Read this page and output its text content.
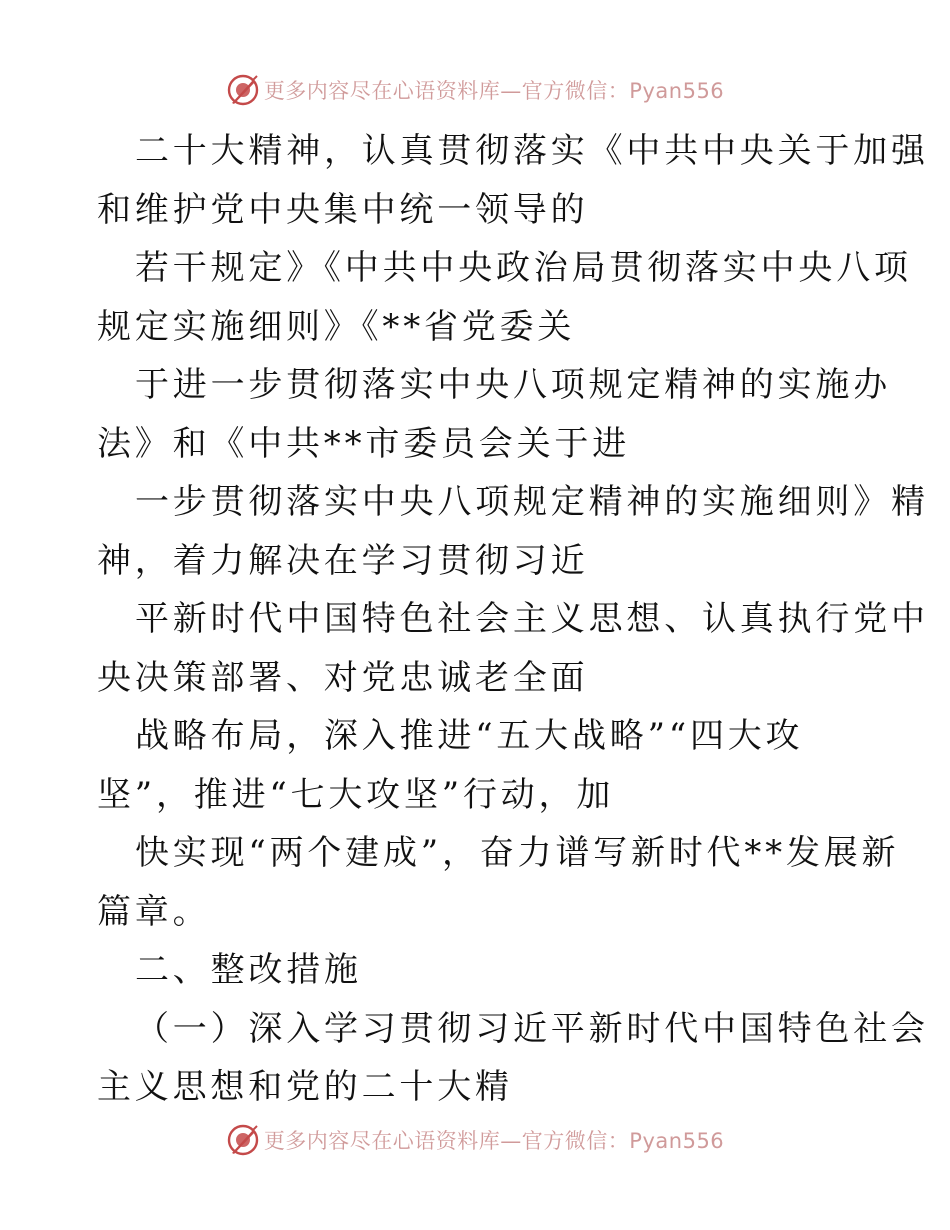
更多内容尽在心语资料库—官方微信：Pyan556
二十大精神，认真贯彻落实《中共中央关于加强
和维护党中央集中统一领导的
若干规定》《中共中央政治局贯彻落实中央八项
规定实施细则》《**省党委关
于进一步贯彻落实中央八项规定精神的实施办
法》和《中共**市委员会关于进
一步贯彻落实中央八项规定精神的实施细则》精
神，着力解决在学习贯彻习近
平新时代中国特色社会主义思想、认真执行党中
央决策部署、对党忠诚老全面
战略布局，深入推进“五大战略”“四大攻
坚”，推进“七大攻坚”行动，加
快实现“两个建成”，奋力谱写新时代**发展新
篇章。
二、整改措施
（一）深入学习贯彻习近平新时代中国特色社会
主义思想和党的二十大精
更多内容尽在心语资料库—官方微信：Pyan556
